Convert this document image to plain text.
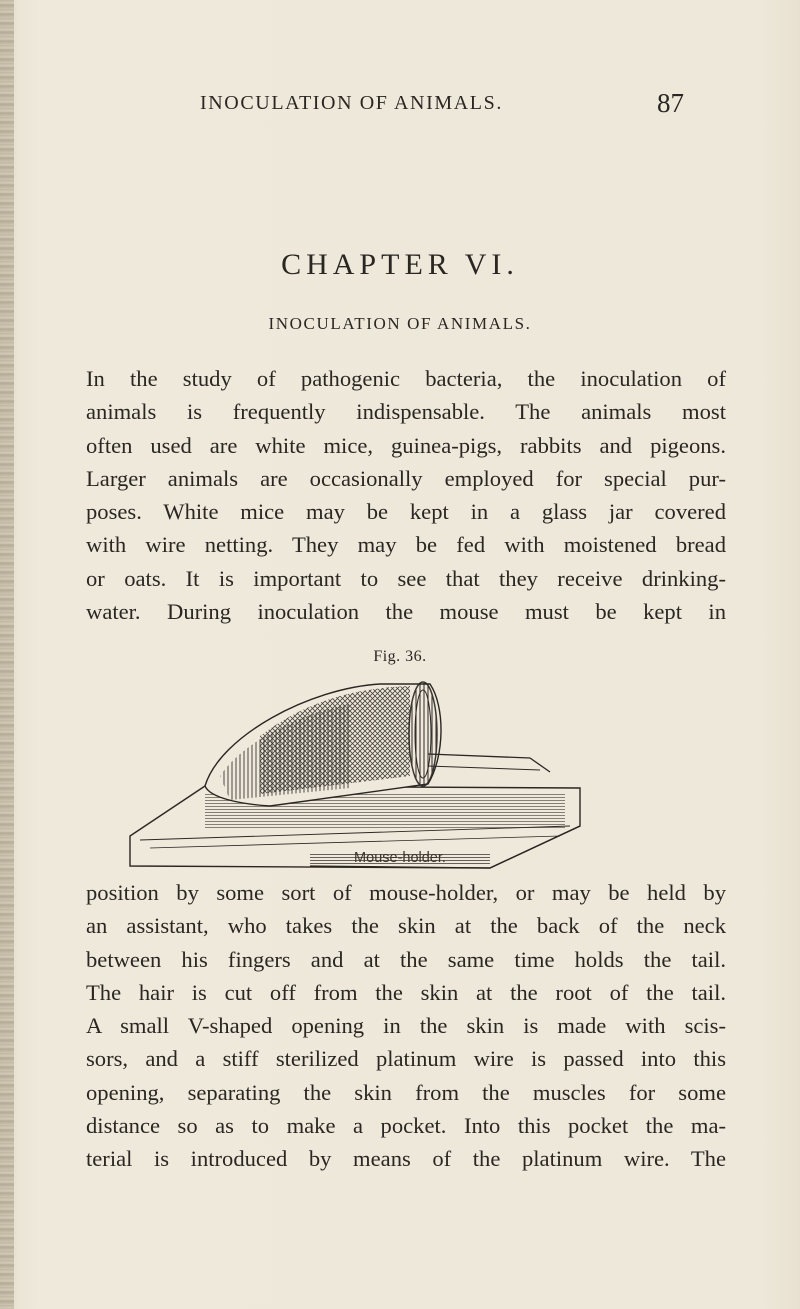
INOCULATION OF ANIMALS.	87
CHAPTER VI.
INOCULATION OF ANIMALS.
In the study of pathogenic bacteria, the inoculation of
animals is frequently indispensable. The animals most
often used are white mice, guinea-pigs, rabbits and pigeons.
Larger animals are occasionally employed for special pur-
poses. White mice may be kept in a glass jar covered
with wire netting. They may be fed with moistened bread
or oats. It is important to see that they receive drinking-
water. During inoculation the mouse must be kept in
Fig. 36.
Mouse-holder.
position by some sort of mouse-holder, or may be held by
an assistant, who takes the skin at the back of the neck
between his fingers and at the same time holds the tail.
The hair is cut off from the skin at the root of the tail.
A small V-shaped opening in the skin is made with scis-
sors, and a stiff sterilized platinum wire is passed into this
opening, separating the skin from the muscles for some
distance so as to make a pocket. Into this pocket the ma-
terial is introduced by means of the platinum wire. The
